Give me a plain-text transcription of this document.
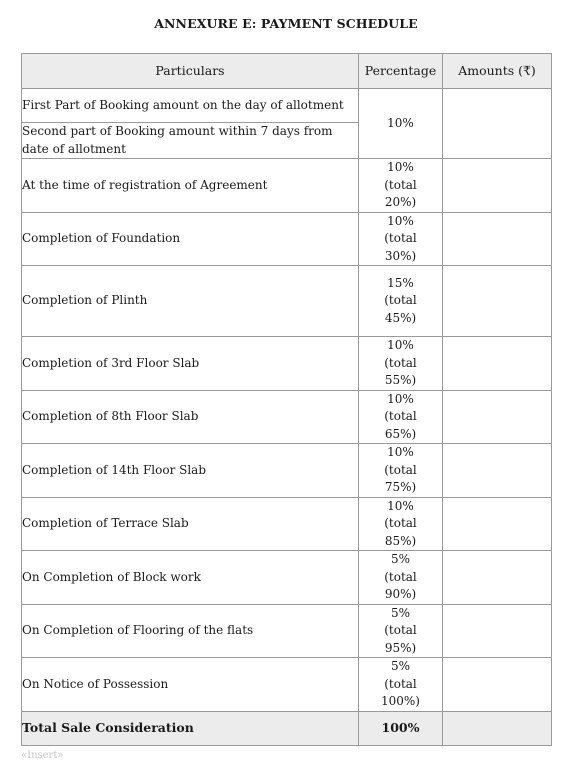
ANNEXURE E: PAYMENT SCHEDULE
Particulars	Percentage	Amounts (₹)
First Part of Booking amount on the day of allotment	10%	
Second part of Booking amount within 7 days from date of allotment		
At the time of registration of Agreement	10% (total 20%)	
Completion of Foundation	10% (total 30%)	
Completion of Plinth	15% (total 45%)	
Completion of 3rd Floor Slab	10% (total 55%)	
Completion of 8th Floor Slab	10% (total 65%)	
Completion of 14th Floor Slab	10% (total 75%)	
Completion of Terrace Slab	10% (total 85%)	
On Completion of Block work	5% (total 90%)	
On Completion of Flooring of the flats	5% (total 95%)	
On Notice of Possession	5% (total 100%)	
Total Sale Consideration	100%	
«Insert»
